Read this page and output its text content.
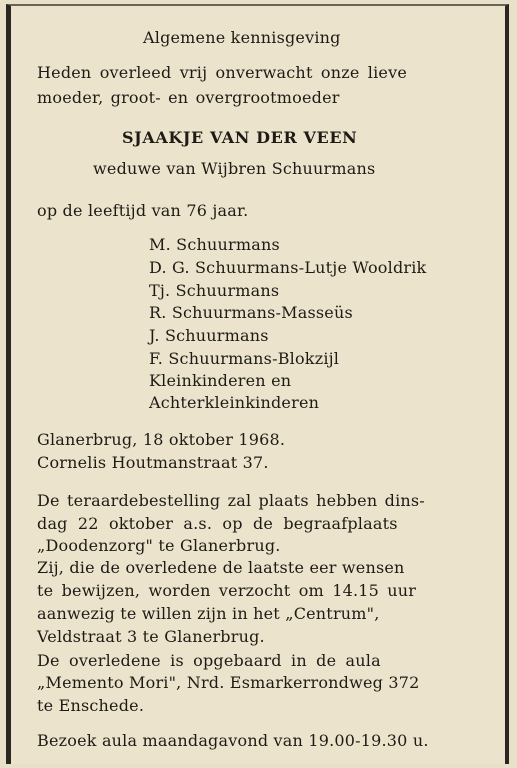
Algemene kennisgeving
Heden overleed vrij onverwacht onze lieve
moeder, groot- en overgrootmoeder
SJAAKJE VAN DER VEEN
weduwe van Wijbren Schuurmans
op de leeftijd van 76 jaar.
M. Schuurmans
D. G. Schuurmans-Lutje Wooldrik
Tj. Schuurmans
R. Schuurmans-Masseüs
J. Schuurmans
F. Schuurmans-Blokzijl
Kleinkinderen en
Achterkleinkinderen
Glanerbrug, 18 oktober 1968.
Cornelis Houtmanstraat 37.
De teraardebestelling zal plaats hebben dins-
dag 22 oktober a.s. op de begraafplaats
„Doodenzorg" te Glanerbrug.
Zij, die de overledene de laatste eer wensen
te bewijzen, worden verzocht om 14.15 uur
aanwezig te willen zijn in het „Centrum",
Veldstraat 3 te Glanerbrug.
De overledene is opgebaard in de aula
„Memento Mori", Nrd. Esmarkerrondweg 372
te Enschede.
Bezoek aula maandagavond van 19.00-19.30 u.
